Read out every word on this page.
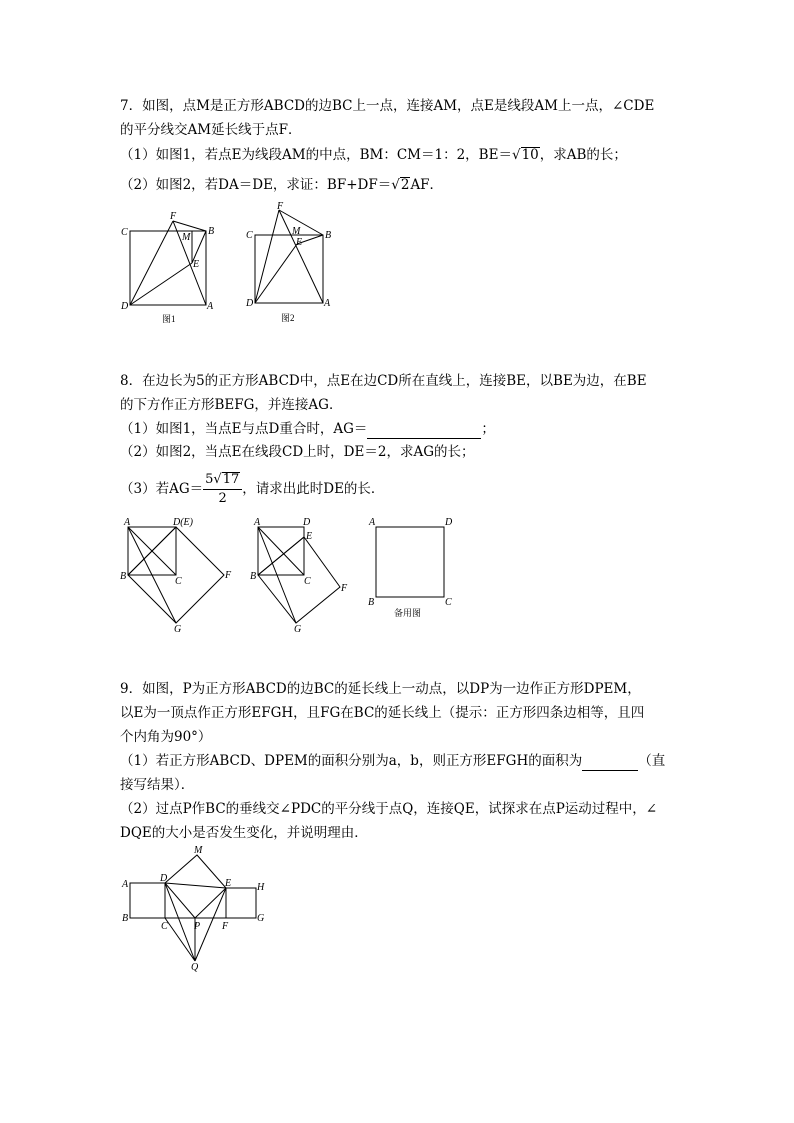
7．如图，点M是正方形ABCD的边BC上一点，连接AM，点E是线段AM上一点，∠CDE
的平分线交AM延长线于点F．
（1）如图1，若点E为线段AM的中点，BM：CM＝1：2，BE＝√10，求AB的长；
（2）如图2，若DA＝DE，求证：BF+DF＝√2AF．
C
F
M
B
E
D	A
图1
F
C	M B
E
D	A
图2
8．在边长为5的正方形ABCD中，点E在边CD所在直线上，连接BE，以BE为边，在BE
的下方作正方形BEFG，并连接AG．
（1）如图1，当点E与点D重合时，AG＝	；
（2）如图2，当点E在线段CD上时，DE＝2，求AG的长；
（3）若$AG= \frac{5√17}{2}$ ，请求出此时DE的长．
A	D(E)
B	C
F
G
A	D
E
B	C
F
G
A	D
B	C
备用图
9．如图，P为正方形ABCD的边BC的延长线上一动点，以DP为一边作正方形DPEM，
以E为一顶点作正方形EFGH，且FG在BC的延长线上（提示：正方形四条边相等，且四
个内角为90°）
（1）若正方形ABCD、DPEM的面积分别为a，b，则正方形EFGH的面积为	（直
接写结果）．
（2）过点P作BC的垂线交∠PDC的平分线于点Q，连接QE，试探求在点P运动过程中，∠
DQE的大小是否发生变化，并说明理由．
M
A
D	E	H
B
C	P F
G
Q
